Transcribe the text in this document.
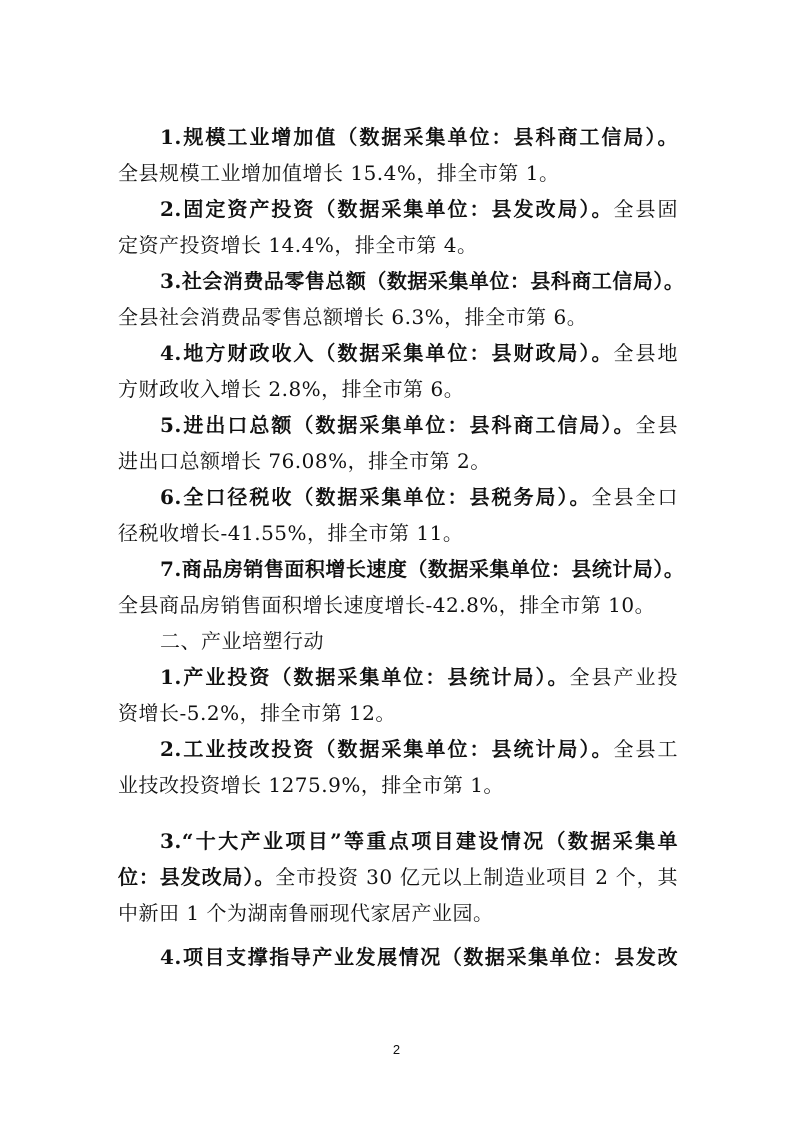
1.规模工业增加值（数据采集单位：县科商工信局）。
全县规模工业增加值增长 15.4%，排全市第 1。
2.固定资产投资（数据采集单位：县发改局）。全县固
定资产投资增长 14.4%，排全市第 4。
3.社会消费品零售总额（数据采集单位：县科商工信局）。
全县社会消费品零售总额增长 6.3%，排全市第 6。
4.地方财政收入（数据采集单位：县财政局）。全县地
方财政收入增长 2.8%，排全市第 6。
5.进出口总额（数据采集单位：县科商工信局）。全县
进出口总额增长 76.08%，排全市第 2。
6.全口径税收（数据采集单位：县税务局）。全县全口
径税收增长-41.55%，排全市第 11。
7.商品房销售面积增长速度（数据采集单位：县统计局）。
全县商品房销售面积增长速度增长-42.8%，排全市第 10。
二、产业培塑行动
1.产业投资（数据采集单位：县统计局）。全县产业投
资增长-5.2%，排全市第 12。
2.工业技改投资（数据采集单位：县统计局）。全县工
业技改投资增长 1275.9%，排全市第 1。
3.“十大产业项目”等重点项目建设情况（数据采集单
位：县发改局）。全市投资 30 亿元以上制造业项目 2 个，其
中新田 1 个为湖南鲁丽现代家居产业园。
4.项目支撑指导产业发展情况（数据采集单位：县发改
2
